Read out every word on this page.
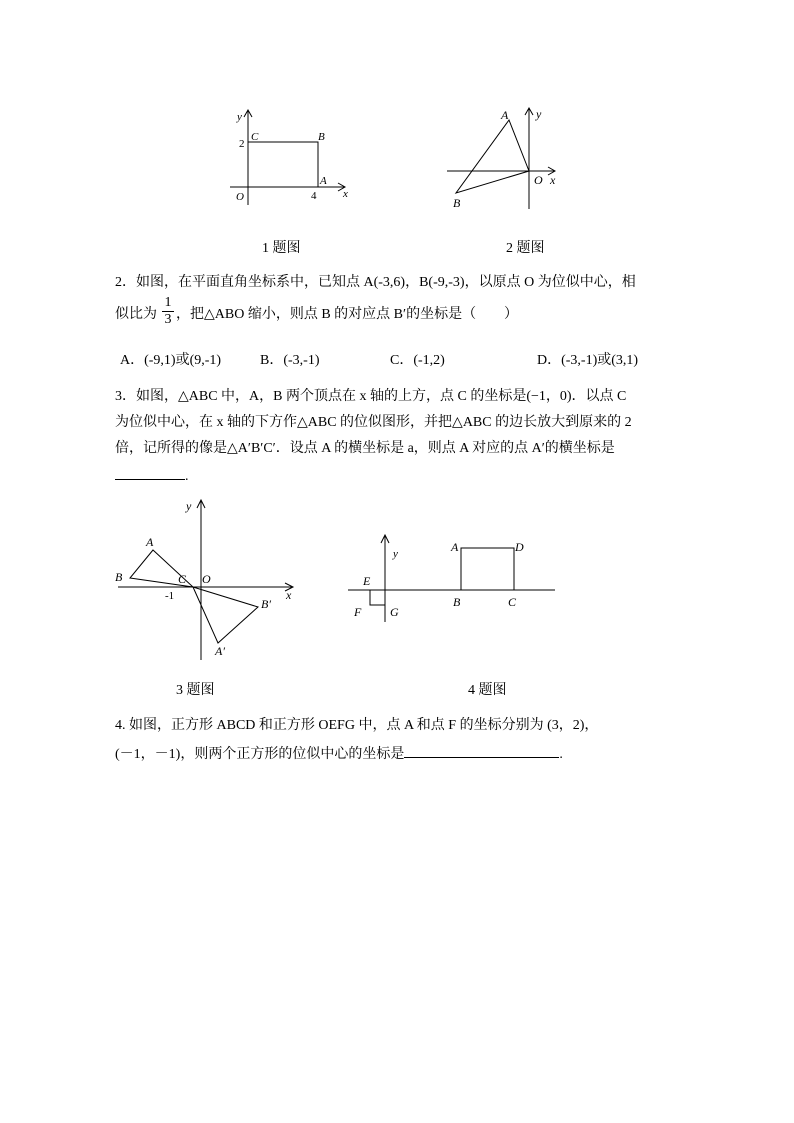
y
x
O
C	B
A
2
4
1 题图
A y
O x
B
2 题图
2．如图，在平面直角坐标系中，已知点 A(-3,6)，B(-9,-3)，以原点 O 为位似中心，相
似比为
1
3 ，把△ABO 缩小，则点 B 的对应点 B′的坐标是（　　）
A．(-9,1)或(9,-1)	B．(-3,-1)	C．(-1,2)	D．(-3,-1)或(3,1)
3．如图，△ABC 中，A，B 两个顶点在 x 轴的上方，点 C 的坐标是(−1，0)．以点 C
为位似中心，在 x 轴的下方作△ABC 的位似图形，并把△ABC 的边长放大到原来的 2
倍，记所得的像是△A′B′C′．设点 A 的横坐标是 a，则点 A 对应的点 A′的横坐标是
.
y
A
B	C O
-1	x
B′
A′
3 题图
y	A	D
E
F G
B	C
4 题图
4. 如图，正方形 ABCD 和正方形 OEFG 中，点 A 和点 F 的坐标分别为 (3，2)，
(－1，－1)，则两个正方形的位似中心的坐标是	.
